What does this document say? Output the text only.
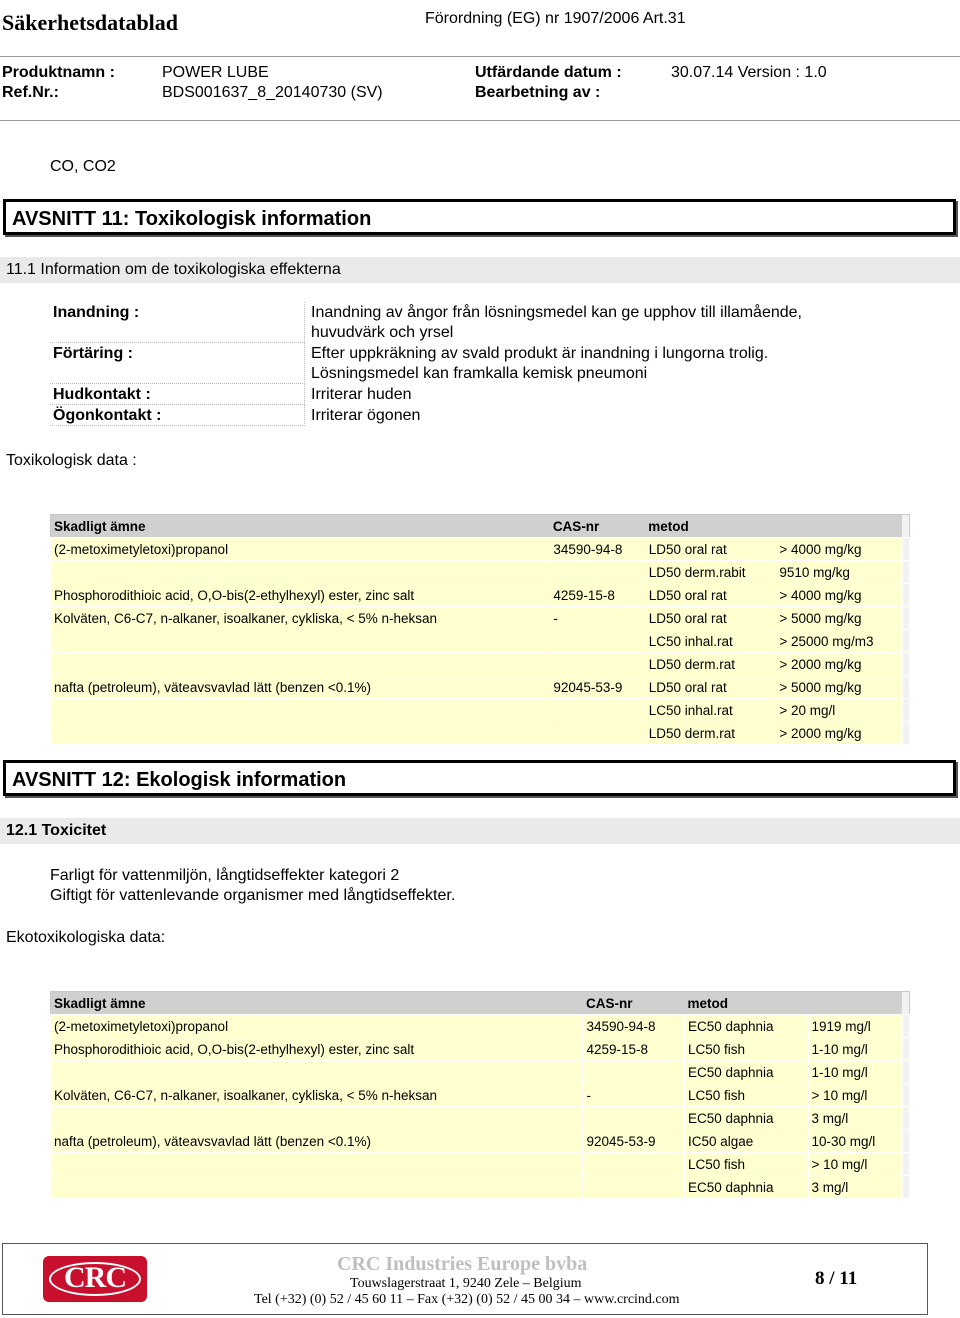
Säkerhetsdatablad	Förordning (EG) nr 1907/2006 Art.31
Produktnamn :	POWER LUBE	Utfärdande datum :	30.07.14 Version : 1.0
Ref.Nr.:	BDS001637_8_20140730 (SV)	Bearbetning av :
CO, CO2
AVSNITT 11: Toxikologisk information
11.1 Information om de toxikologiska effekterna
Inandning :	Inandning av ångor från lösningsmedel kan ge upphov till illamående,
huvudvärk och yrsel
Förtäring :	Efter uppkräkning av svald produkt är inandning i lungorna trolig.
Lösningsmedel kan framkalla kemisk pneumoni
Hudkontakt :	Irriterar huden
Ögonkontakt :	Irriterar ögonen
Toxikologisk data :
Skadligt ämne	CAS-nr	metod		
(2-metoximetyletoxi)propanol	34590-94-8	LD50 oral rat	> 4000 mg/kg	
		LD50 derm.rabit	9510 mg/kg	
Phosphorodithioic acid, O,O-bis(2-ethylhexyl) ester, zinc salt	4259-15-8	LD50 oral rat	> 4000 mg/kg	
Kolväten, C6-C7, n-alkaner, isoalkaner, cykliska, < 5% n-heksan	-	LD50 oral rat	> 5000 mg/kg	
		LC50 inhal.rat	> 25000 mg/m3	
		LD50 derm.rat	> 2000 mg/kg	
nafta (petroleum), väteavsvavlad lätt (benzen <0.1%)	92045-53-9	LD50 oral rat	> 5000 mg/kg	
		LC50 inhal.rat	> 20 mg/l	
		LD50 derm.rat	> 2000 mg/kg	
AVSNITT 12: Ekologisk information
12.1 Toxicitet
Farligt för vattenmiljön, långtidseffekter kategori 2
Giftigt för vattenlevande organismer med långtidseffekter.
Ekotoxikologiska data:
Skadligt ämne	CAS-nr	metod		
(2-metoximetyletoxi)propanol	34590-94-8	EC50 daphnia	1919 mg/l	
Phosphorodithioic acid, O,O-bis(2-ethylhexyl) ester, zinc salt	4259-15-8	LC50 fish	1-10 mg/l	
		EC50 daphnia	1-10 mg/l	
Kolväten, C6-C7, n-alkaner, isoalkaner, cykliska, < 5% n-heksan	-	LC50 fish	> 10 mg/l	
		EC50 daphnia	3 mg/l	
nafta (petroleum), väteavsvavlad lätt (benzen <0.1%)	92045-53-9	IC50 algae	10-30 mg/l	
		LC50 fish	> 10 mg/l	
		EC50 daphnia	3 mg/l	
CRC	CRC Industries Europe bvba
Touwslagerstraat 1, 9240 Zele – Belgium
Tel (+32) (0) 52 / 45 60 11 – Fax (+32) (0) 52 / 45 00 34 – www.crcind.com
8 / 11
